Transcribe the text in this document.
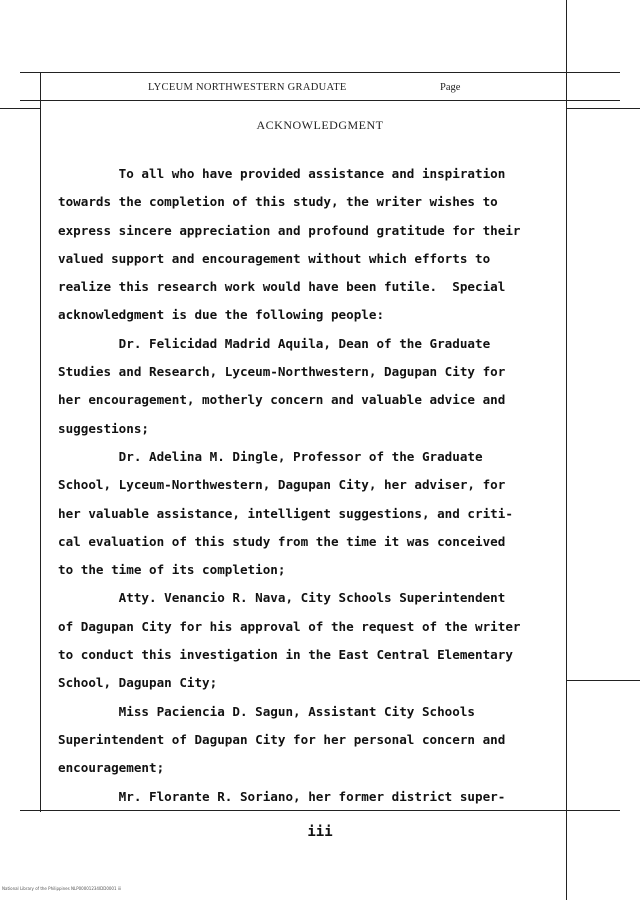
LYCEUM NORTHWESTERN GRADUATE	Page
ACKNOWLEDGMENT
To all who have provided assistance and inspiration
towards the completion of this study, the writer wishes to
express sincere appreciation and profound gratitude for their
valued support and encouragement without which efforts to
realize this research work would have been futile.  Special
acknowledgment is due the following people:
Dr. Felicidad Madrid Aquila, Dean of the Graduate
Studies and Research, Lyceum-Northwestern, Dagupan City for
her encouragement, motherly concern and valuable advice and
suggestions;
Dr. Adelina M. Dingle, Professor of the Graduate
School, Lyceum-Northwestern, Dagupan City, her adviser, for
her valuable assistance, intelligent suggestions, and criti-
cal evaluation of this study from the time it was conceived
to the time of its completion;
Atty. Venancio R. Nava, City Schools Superintendent
of Dagupan City for his approval of the request of the writer
to conduct this investigation in the East Central Elementary
School, Dagupan City;
Miss Paciencia D. Sagun, Assistant City Schools
Superintendent of Dagupan City for her personal concern and
encouragement;
Mr. Florante R. Soriano, her former district super-
iii
National Library of the Philippines NLP00001234IDD0001 iii
